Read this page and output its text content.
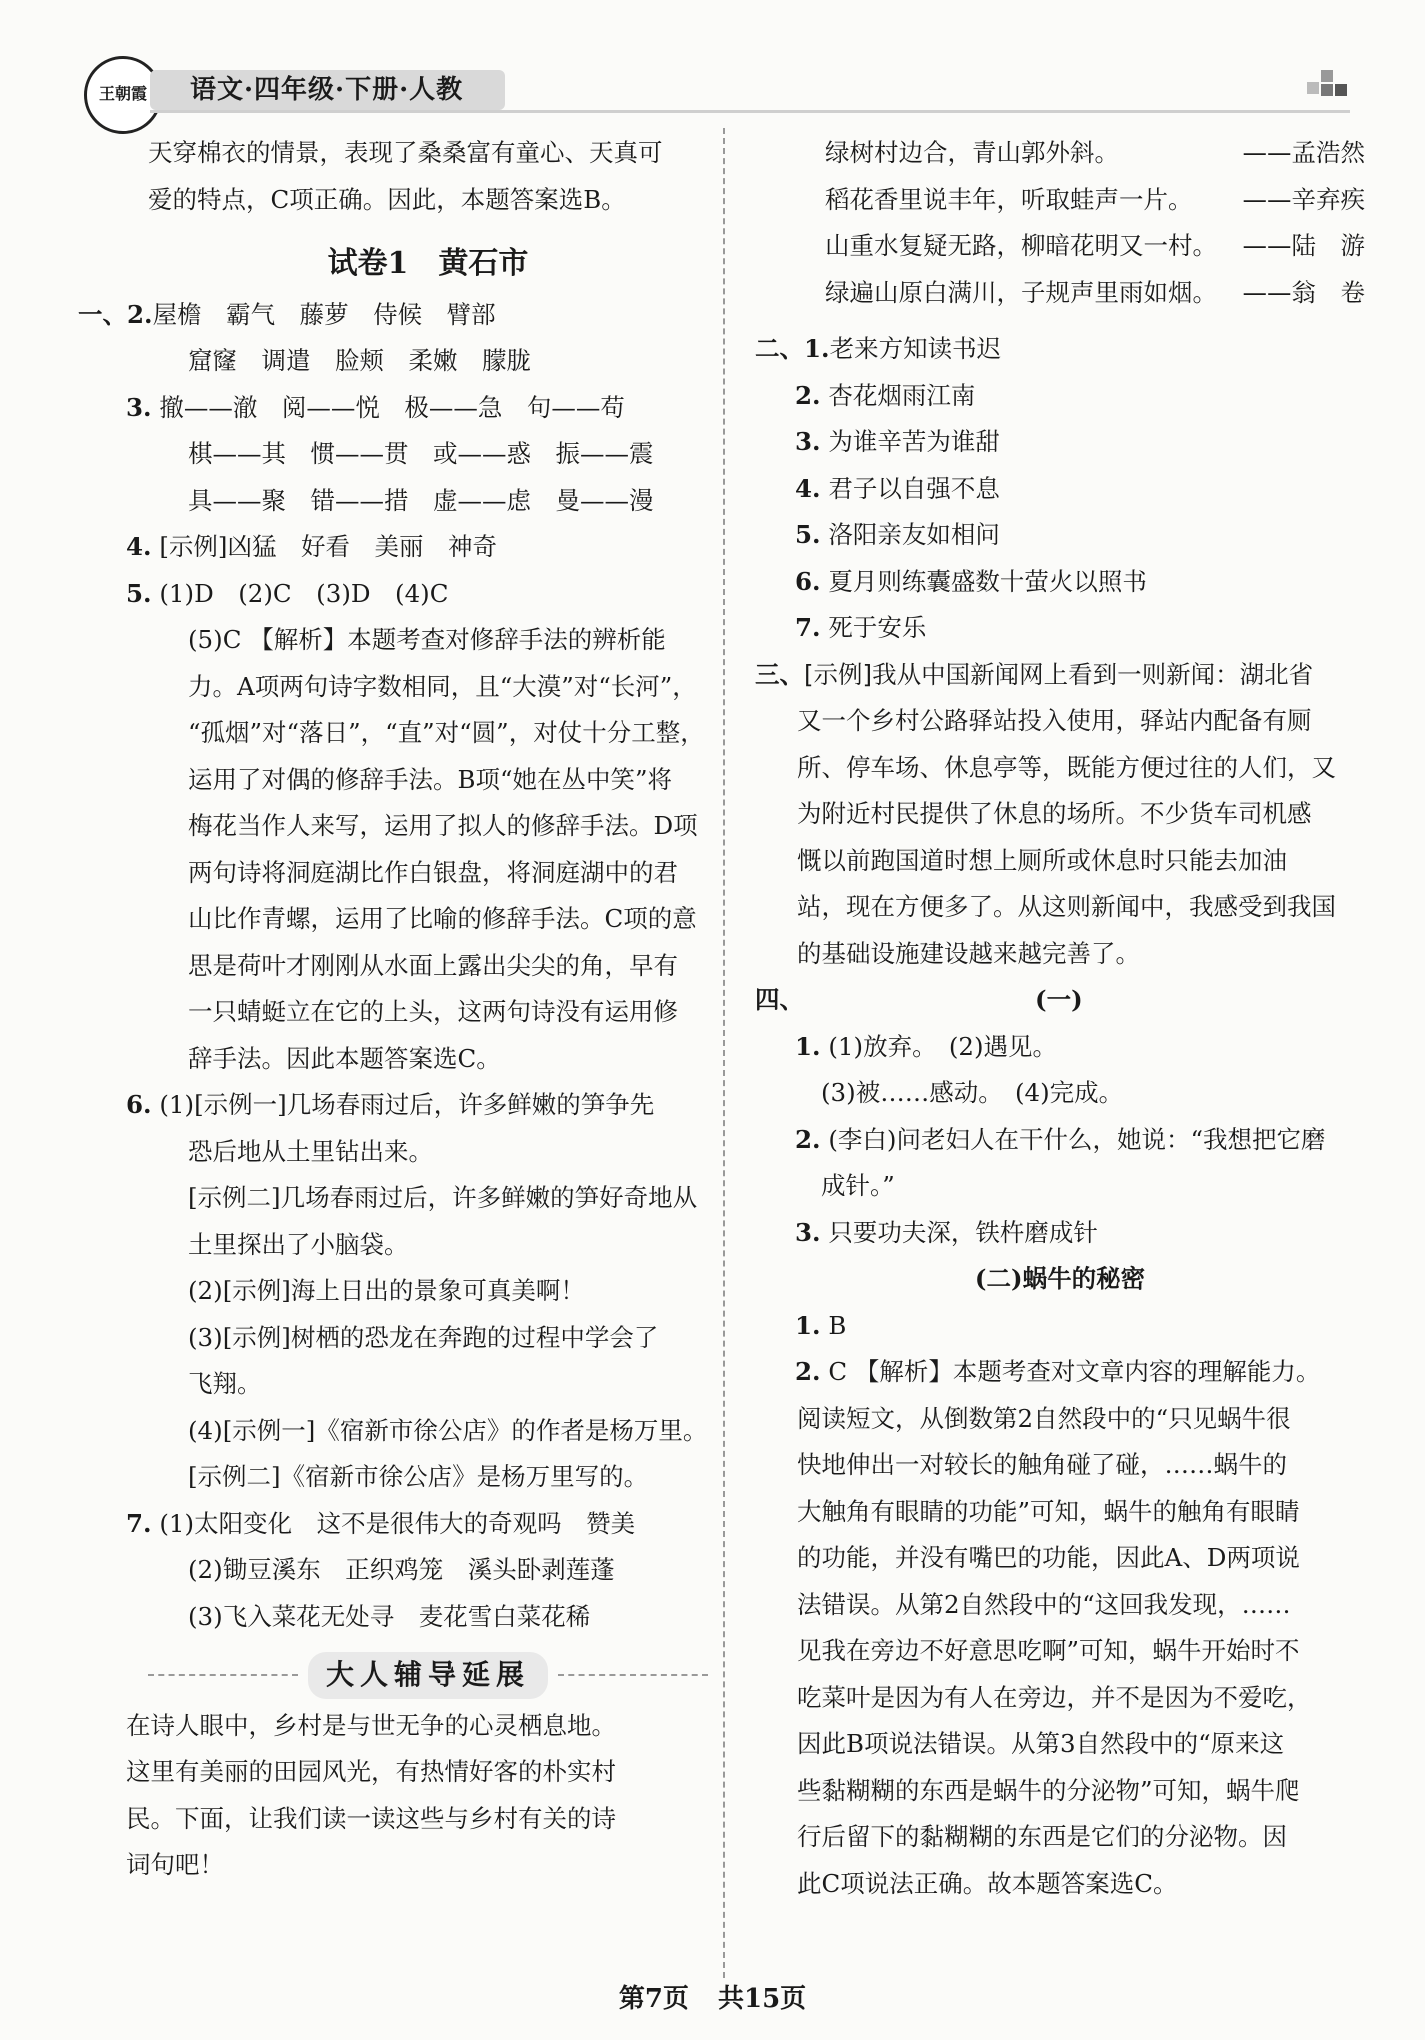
王朝霞	语文·四年级·下册·人教

天穿棉衣的情景，表现了桑桑富有童心、天真可

爱的特点，C项正确。因此，本题答案选B。

试卷1　黄石市
一、2.屋檐　霸气　藤萝　侍候　臂部
窟窿　调遣　脸颊　柔嫩　朦胧
3. 撤——澈　阅——悦　极——急　句——苟
棋——其　惯——贯　或——惑　振——震
具——聚　错——措　虚——虑　曼——漫
4. [示例]凶猛　好看　美丽　神奇
5. (1)D　(2)C　(3)D　(4)C
(5)C 【解析】本题考查对修辞手法的辨析能
力。A项两句诗字数相同，且“大漠”对“长河”，
“孤烟”对“落日”，“直”对“圆”，对仗十分工整，
运用了对偶的修辞手法。B项“她在丛中笑”将
梅花当作人来写，运用了拟人的修辞手法。D项
两句诗将洞庭湖比作白银盘，将洞庭湖中的君
山比作青螺，运用了比喻的修辞手法。C项的意
思是荷叶才刚刚从水面上露出尖尖的角，早有
一只蜻蜓立在它的上头，这两句诗没有运用修
辞手法。因此本题答案选C。
6. (1)[示例一]几场春雨过后，许多鲜嫩的笋争先
恐后地从土里钻出来。
[示例二]几场春雨过后，许多鲜嫩的笋好奇地从
土里探出了小脑袋。
(2)[示例]海上日出的景象可真美啊！
(3)[示例]树栖的恐龙在奔跑的过程中学会了
飞翔。
(4)[示例一]《宿新市徐公店》的作者是杨万里。
[示例二]《宿新市徐公店》是杨万里写的。
7. (1)太阳变化　这不是很伟大的奇观吗　赞美
(2)锄豆溪东　正织鸡笼　溪头卧剥莲蓬
(3)飞入菜花无处寻　麦花雪白菜花稀
大人辅导延展
在诗人眼中，乡村是与世无争的心灵栖息地。
这里有美丽的田园风光，有热情好客的朴实村
民。下面，让我们读一读这些与乡村有关的诗
词句吧！
绿树村边合，青山郭外斜。	——孟浩然
稻花香里说丰年，听取蛙声一片。 ——辛弃疾
山重水复疑无路，柳暗花明又一村。 ——陆　游
绿遍山原白满川，子规声里雨如烟。 ——翁　卷
二、1.老来方知读书迟
2. 杏花烟雨江南
3. 为谁辛苦为谁甜
4. 君子以自强不息
5. 洛阳亲友如相问
6. 夏月则练囊盛数十萤火以照书
7. 死于安乐
三、[示例]我从中国新闻网上看到一则新闻：湖北省
又一个乡村公路驿站投入使用，驿站内配备有厕
所、停车场、休息亭等，既能方便过往的人们，又
为附近村民提供了休息的场所。不少货车司机感
慨以前跑国道时想上厕所或休息时只能去加油
站，现在方便多了。从这则新闻中，我感受到我国
的基础设施建设越来越完善了。
四、	(一)
1. (1)放弃。　(2)遇见。
(3)被……感动。　(4)完成。
2. (李白)问老妇人在干什么，她说：“我想把它磨
成针。”
3. 只要功夫深，铁杵磨成针
(二)蜗牛的秘密
1. B
2. C 【解析】本题考查对文章内容的理解能力。
阅读短文，从倒数第2自然段中的“只见蜗牛很
快地伸出一对较长的触角碰了碰，……蜗牛的
大触角有眼睛的功能”可知，蜗牛的触角有眼睛
的功能，并没有嘴巴的功能，因此A、D两项说
法错误。从第2自然段中的“这回我发现，……
见我在旁边不好意思吃啊”可知，蜗牛开始时不
吃菜叶是因为有人在旁边，并不是因为不爱吃，
因此B项说法错误。从第3自然段中的“原来这
些黏糊糊的东西是蜗牛的分泌物”可知，蜗牛爬
行后留下的黏糊糊的东西是它们的分泌物。因
此C项说法正确。故本题答案选C。
第7页 共15页
